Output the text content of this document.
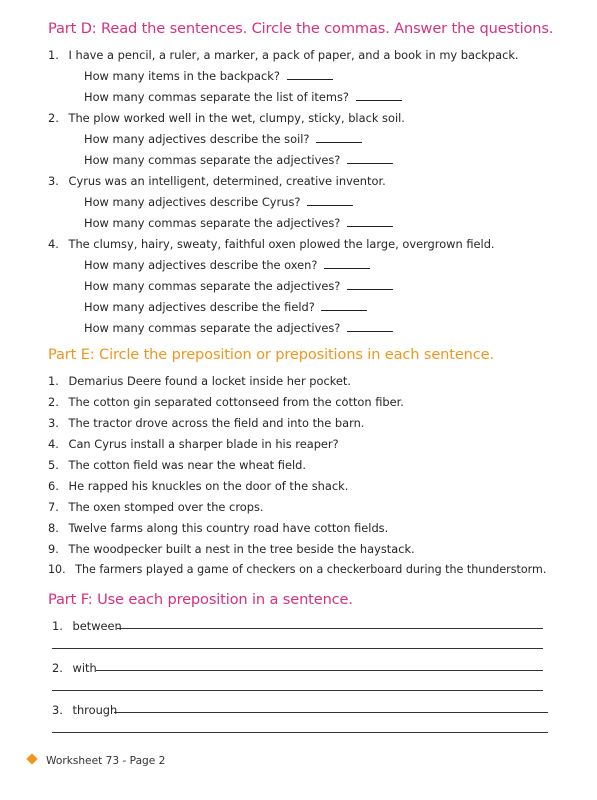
Part D: Read the sentences. Circle the commas. Answer the questions.
1. I have a pencil, a ruler, a marker, a pack of paper, and a book in my backpack.
How many items in the backpack?
How many commas separate the list of items?
2. The plow worked well in the wet, clumpy, sticky, black soil.
How many adjectives describe the soil?
How many commas separate the adjectives?
3. Cyrus was an intelligent, determined, creative inventor.
How many adjectives describe Cyrus?
How many commas separate the adjectives?
4. The clumsy, hairy, sweaty, faithful oxen plowed the large, overgrown field.
How many adjectives describe the oxen?
How many commas separate the adjectives?
How many adjectives describe the field?
How many commas separate the adjectives?
Part E: Circle the preposition or prepositions in each sentence.
1. Demarius Deere found a locket inside her pocket.
2. The cotton gin separated cottonseed from the cotton fiber.
3. The tractor drove across the field and into the barn.
4. Can Cyrus install a sharper blade in his reaper?
5. The cotton field was near the wheat field.
6. He rapped his knuckles on the door of the shack.
7. The oxen stomped over the crops.
8. Twelve farms along this country road have cotton fields.
9. The woodpecker built a nest in the tree beside the haystack.
10. The farmers played a game of checkers on a checkerboard during the thunderstorm.
Part F: Use each preposition in a sentence.
1. between
2. with
3. through
Worksheet 73 - Page 2
